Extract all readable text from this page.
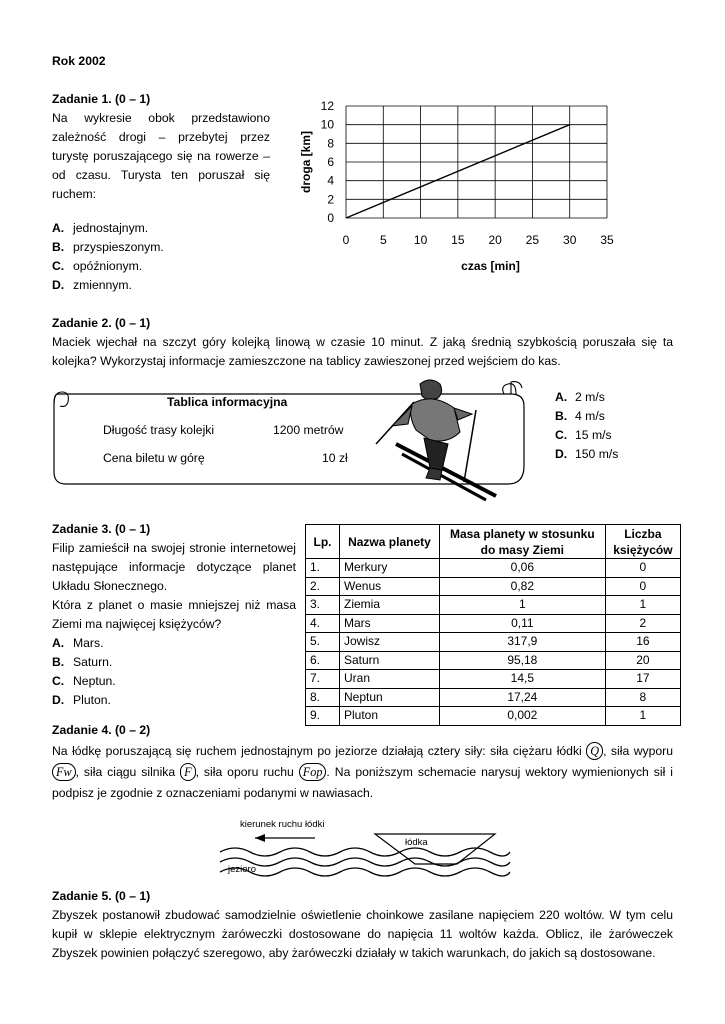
Rok 2002
Zadanie 1. (0 – 1)
Na wykresie obok przedstawiono
zależność drogi – przebytej przez
turystę poruszającego się na rowerze –
od czasu. Turysta ten poruszał się
ruchem:
A. jednostajnym.
B. przyspieszonym.
C. opóźnionym.
D. zmiennym.
0	5 10 15 20 25 30 35
0
2
4
6
8
10
12
czas [min]
droga [km]
Zadanie 2. (0 – 1)
Maciek wjechał na szczyt góry kolejką linową w czasie 10 minut. Z jaką średnią szybkością poruszała się ta kolejka? Wykorzystaj informacje zamieszczone na tablicy zawieszonej przed wejściem do kas.
Tablica informacyjna
Długość trasy kolejki	1200 metrów
Cena biletu w górę	10 zł
A. 2 m/s
B. 4 m/s
C. 15 m/s
D. 150 m/s
Zadanie 3. (0 – 1)
Filip zamieścił na swojej stronie internetowej
następujące informacje dotyczące planet
Układu Słonecznego.
Która z planet o masie mniejszej niż masa
Ziemi ma najwięcej księżyców?
A. Mars.
B. Saturn.
C. Neptun.
D. Pluton.
Lp.	Nazwa planety	Masa planety w stosunku do masy Ziemi	Liczba księżyców
1.	Merkury	0,06	0
2.	Wenus	0,82	0
3.	Ziemia	1	1
4.	Mars	0,11	2
5.	Jowisz	317,9	16
6.	Saturn	95,18	20
7.	Uran	14,5	17
8.	Neptun	17,24	8
9.	Pluton	0,002	1
Zadanie 4. (0 – 2)
Na łódkę poruszającą się ruchem jednostajnym po jeziorze działają cztery siły: siła ciężaru łódki Q , siła wyporu Fw , siła ciągu silnika F , siła oporu ruchu Fop . Na poniższym schemacie narysuj wektory wymienionych sił i podpisz je zgodnie z oznaczeniami podanymi w nawiasach.
kierunek ruchu łódki
łódka
jezioro
Zadanie 5. (0 – 1)
Zbyszek postanowił zbudować samodzielnie oświetlenie choinkowe zasilane napięciem 220 woltów. W tym celu kupił w sklepie elektrycznym żaróweczki dostosowane do napięcia 11 woltów każda. Oblicz, ile żaróweczek Zbyszek powinien połączyć szeregowo, aby żaróweczki działały w takich warunkach, do jakich są dostosowane.
